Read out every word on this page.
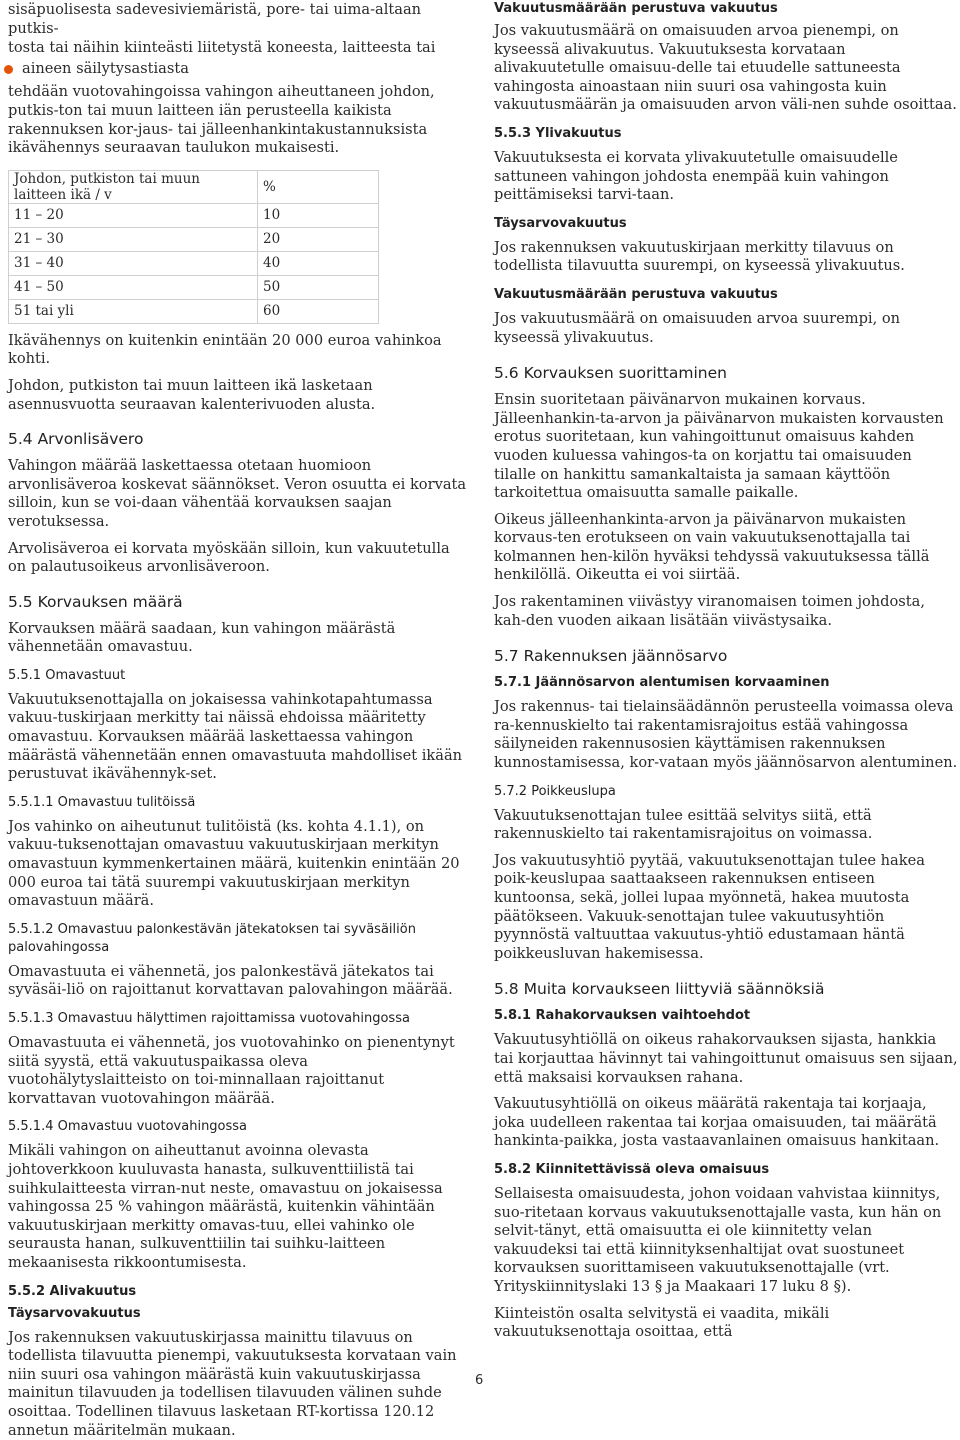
sisäpuolisesta sadevesiviemäristä, pore- tai uima-altaan putkis-

tosta tai näihin kiinteästi liitetystä koneesta, laitteesta tai

aineen säilytysastiasta

tehdään vuotovahingoissa vahingon aiheuttaneen johdon, putkis-ton tai muun laitteen iän perusteella kaikista rakennuksen kor-jaus- tai jälleenhankintakustannuksista ikävähennys seuraavan taulukon mukaisesti.

Johdon, putkiston tai muun laitteen ikä / v	%
11 – 20	10
21 – 30	20
31 – 40	40
41 – 50	50
51 tai yli	60

Ikävähennys on kuitenkin enintään 20 000 euroa vahinkoa kohti.

Johdon, putkiston tai muun laitteen ikä lasketaan asennusvuotta seuraavan kalenterivuoden alusta.

5.4 Arvonlisävero

Vahingon määrää laskettaessa otetaan huomioon arvonlisäveroa koskevat säännökset. Veron osuutta ei korvata silloin, kun se voi-daan vähentää korvauksen saajan verotuksessa.

Arvolisäveroa ei korvata myöskään silloin, kun vakuutetulla on palautusoikeus arvonlisäveroon.

5.5 Korvauksen määrä

Korvauksen määrä saadaan, kun vahingon määrästä vähennetään omavastuu.

5.5.1 Omavastuut

Vakuutuksenottajalla on jokaisessa vahinkotapahtumassa vakuu-tuskirjaan merkitty tai näissä ehdoissa määritetty omavastuu. Korvauksen määrää laskettaessa vahingon määrästä vähennetään ennen omavastuuta mahdolliset ikään perustuvat ikävähennyk-set.

5.5.1.1 Omavastuu tulitöissä

Jos vahinko on aiheutunut tulitöistä (ks. kohta 4.1.1), on vakuu-tuksenottajan omavastuu vakuutuskirjaan merkityn omavastuun kymmenkertainen määrä, kuitenkin enintään 20 000 euroa tai tätä suurempi vakuutuskirjaan merkityn omavastuun määrä.

5.5.1.2 Omavastuu palonkestävän jätekatoksen tai syväsäiliön palovahingossa

Omavastuuta ei vähennetä, jos palonkestävä jätekatos tai syväsäi-liö on rajoittanut korvattavan palovahingon määrää.

5.5.1.3 Omavastuu hälyttimen rajoittamissa vuotovahingossa

Omavastuuta ei vähennetä, jos vuotovahinko on pienentynyt siitä syystä, että vakuutuspaikassa oleva vuotohälytyslaitteisto on toi-minnallaan rajoittanut korvattavan vuotovahingon määrää.

5.5.1.4 Omavastuu vuotovahingossa

Mikäli vahingon on aiheuttanut avoinna olevasta johtoverkkoon kuuluvasta hanasta, sulkuventtiilistä tai suihkulaitteesta virran-nut neste, omavastuu on jokaisessa vahingossa 25 % vahingon määrästä, kuitenkin vähintään vakuutuskirjaan merkitty omavas-tuu, ellei vahinko ole seurausta hanan, sulkuventtiilin tai suihku-laitteen mekaanisesta rikkoontumisesta.

5.5.2 Alivakuutus
Täysarvovakuutus

Jos rakennuksen vakuutuskirjassa mainittu tilavuus on todellista tilavuutta pienempi, vakuutuksesta korvataan vain niin suuri osa vahingon määrästä kuin vakuutuskirjassa mainitun tilavuuden ja todellisen tilavuuden välinen suhde osoittaa. Todellinen tilavuus lasketaan RT-kortissa 120.12 annetun määritelmän mukaan.

Vakuutusmäärään perustuva vakuutus

Jos vakuutusmäärä on omaisuuden arvoa pienempi, on kyseessä alivakuutus. Vakuutuksesta korvataan alivakuutetulle omaisuu-delle tai etuudelle sattuneesta vahingosta ainoastaan niin suuri osa vahingosta kuin vakuutusmäärän ja omaisuuden arvon väli-nen suhde osoittaa.

5.5.3 Ylivakuutus

Vakuutuksesta ei korvata ylivakuutetulle omaisuudelle sattuneen vahingon johdosta enempää kuin vahingon peittämiseksi tarvi-taan.

Täysarvovakuutus

Jos rakennuksen vakuutuskirjaan merkitty tilavuus on todellista tilavuutta suurempi, on kyseessä ylivakuutus.

Vakuutusmäärään perustuva vakuutus

Jos vakuutusmäärä on omaisuuden arvoa suurempi, on kyseessä ylivakuutus.

5.6 Korvauksen suorittaminen

Ensin suoritetaan päivänarvon mukainen korvaus. Jälleenhankin-ta-arvon ja päivänarvon mukaisten korvausten erotus suoritetaan, kun vahingoittunut omaisuus kahden vuoden kuluessa vahingos-ta on korjattu tai omaisuuden tilalle on hankittu samankaltaista ja samaan käyttöön tarkoitettua omaisuutta samalle paikalle.

Oikeus jälleenhankinta-arvon ja päivänarvon mukaisten korvaus-ten erotukseen on vain vakuutuksenottajalla tai kolmannen hen-kilön hyväksi tehdyssä vakuutuksessa tällä henkilöllä. Oikeutta ei voi siirtää.

Jos rakentaminen viivästyy viranomaisen toimen johdosta, kah-den vuoden aikaan lisätään viivästysaika.

5.7 Rakennuksen jäännösarvo
5.7.1 Jäännösarvon alentumisen korvaaminen

Jos rakennus- tai tielainsäädännön perusteella voimassa oleva ra-kennuskielto tai rakentamisrajoitus estää vahingossa säilyneiden rakennusosien käyttämisen rakennuksen kunnostamisessa, kor-vataan myös jäännösarvon alentuminen.

5.7.2 Poikkeuslupa

Vakuutuksenottajan tulee esittää selvitys siitä, että rakennuskielto tai rakentamisrajoitus on voimassa.

Jos vakuutusyhtiö pyytää, vakuutuksenottajan tulee hakea poik-keuslupaa saattaakseen rakennuksen entiseen kuntoonsa, sekä, jollei lupaa myönnetä, hakea muutosta päätökseen. Vakuuk-senottajan tulee vakuutusyhtiön pyynnöstä valtuuttaa vakuutus-yhtiö edustamaan häntä poikkeusluvan hakemisessa.

5.8 Muita korvaukseen liittyviä säännöksiä
5.8.1 Rahakorvauksen vaihtoehdot

Vakuutusyhtiöllä on oikeus rahakorvauksen sijasta, hankkia tai korjauttaa hävinnyt tai vahingoittunut omaisuus sen sijaan, että maksaisi korvauksen rahana.

Vakuutusyhtiöllä on oikeus määrätä rakentaja tai korjaaja, joka uudelleen rakentaa tai korjaa omaisuuden, tai määrätä hankinta-paikka, josta vastaavanlainen omaisuus hankitaan.

5.8.2 Kiinnitettävissä oleva omaisuus

Sellaisesta omaisuudesta, johon voidaan vahvistaa kiinnitys, suo-ritetaan korvaus vakuutuksenottajalle vasta, kun hän on selvit-tänyt, että omaisuutta ei ole kiinnitetty velan vakuudeksi tai että kiinnityksenhaltijat ovat suostuneet korvauksen suorittamiseen vakuutuksenottajalle (vrt. Yrityskiinnityslaki 13 § ja Maakaari 17 luku 8 §).

Kiinteistön osalta selvitystä ei vaadita, mikäli vakuutuksenottaja osoittaa, että

6
